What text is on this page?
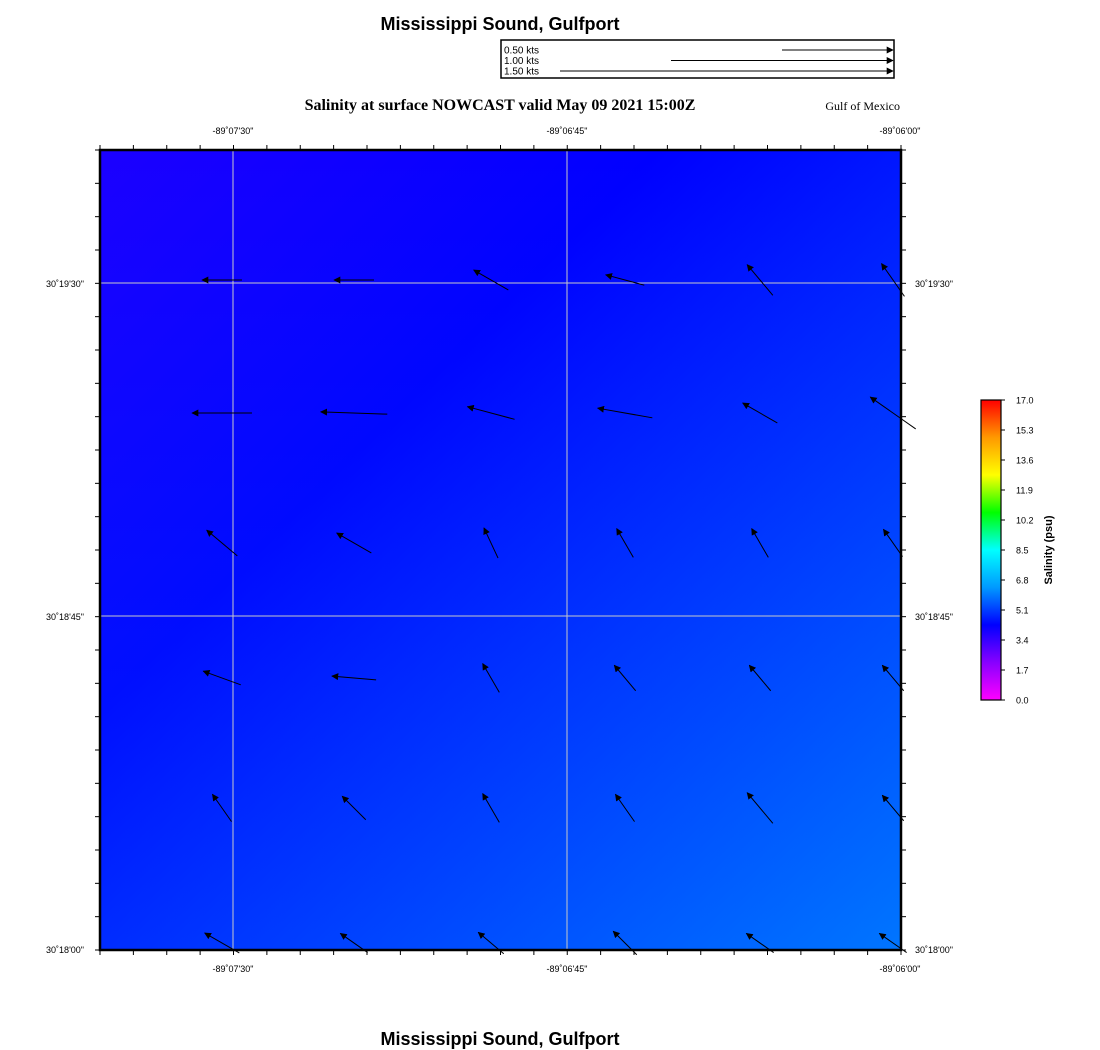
Mississippi Sound, Gulfport
0.50 kts
1.00 kts
1.50 kts
Salinity at surface NOWCAST valid May 09 2021 15:00Z	Gulf of Mexico
-89˚07'30"	-89˚06'45"	-89˚06'00"
-89˚07'30"	-89˚06'45"	-89˚06'00"
30˚19'30"
30˚18'45"
30˚18'00"
30˚19'30"
30˚18'45"
30˚18'00"
17.0
15.3
13.6
11.9
10.2
8.5
6.8
5.1
3.4
1.7
0.0
Salinity (psu)
Mississippi Sound, Gulfport
